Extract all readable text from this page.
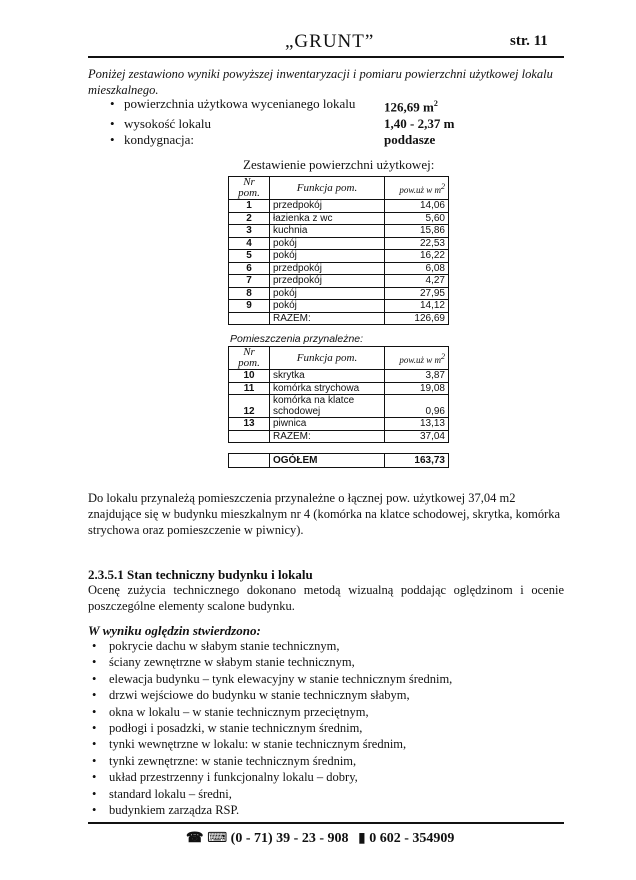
„GRUNT”	str. 11
Poniżej zestawiono wyniki powyższej inwentaryzacji i pomiaru powierzchni użytkowej lokalu mieszkalnego.
• powierzchnia użytkowa wycenianego lokalu	126,69 $m^2$
• wysokość lokalu	1,40 - 2,37 m
• kondygnacja:	poddasze
Zestawienie powierzchni użytkowej:
Nr pom.	Funkcja pom.	pow.uż w m2
1	przedpokój	14,06
2	łazienka z wc	5,60
3	kuchnia	15,86
4	pokój	22,53
5	pokój	16,22
6	przedpokój	6,08
7	przedpokój	4,27
8	pokój	27,95
9	pokój	14,12
	RAZEM:	126,69
Pomieszczenia przynależne:
Nr pom.	Funkcja pom.	pow.uż w m2
10	skrytka	3,87
11	komórka strychowa	19,08
12	komórka na klatce schodowej	0,96
13	piwnica	13,13
	RAZEM:	37,04
	OGÓŁEM	163,73
Do lokalu przynależą pomieszczenia przynależne o łącznej pow. użytkowej 37,04 m2 znajdujące się w budynku mieszkalnym nr 4 (komórka na klatce schodowej, skrytka, komórka strychowa oraz pomieszczenie w piwnicy).
2.3.5.1 Stan techniczny budynku i lokalu
Ocenę zużycia technicznego dokonano metodą wizualną poddając oględzinom i ocenie poszczególne elementy scalone budynku.
W wyniku oględzin stwierdzono:
•	pokrycie dachu w słabym stanie technicznym,
•	ściany zewnętrzne w słabym stanie technicznym,
•	elewacja budynku – tynk elewacyjny w stanie technicznym średnim,
•	drzwi wejściowe do budynku w stanie technicznym słabym,
•	okna w lokalu – w stanie technicznym przeciętnym,
•	podłogi i posadzki, w stanie technicznym średnim,
•	tynki wewnętrzne w lokalu: w stanie technicznym średnim,
•	tynki zewnętrzne: w stanie technicznym średnim,
•	układ przestrzenny i funkcjonalny lokalu – dobry,
•	standard lokalu – średni,
•	budynkiem zarządza RSP.
☎ ⌨ (0 - 71) 39 - 23 - 908 ▮ 0 602 - 354909
